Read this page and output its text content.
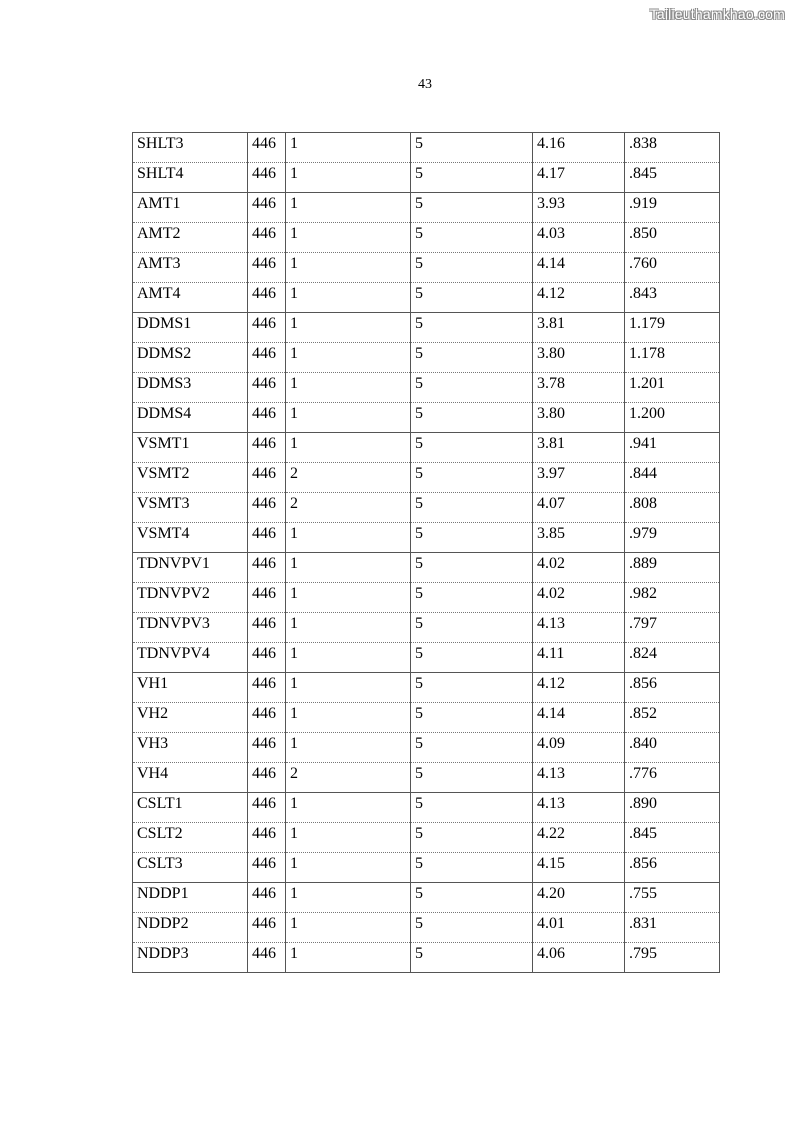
Tailieuthamkhao.com
43
SHLT3	446	1	5	4.16	.838
SHLT4	446	1	5	4.17	.845
AMT1	446	1	5	3.93	.919
AMT2	446	1	5	4.03	.850
AMT3	446	1	5	4.14	.760
AMT4	446	1	5	4.12	.843
DDMS1	446	1	5	3.81	1.179
DDMS2	446	1	5	3.80	1.178
DDMS3	446	1	5	3.78	1.201
DDMS4	446	1	5	3.80	1.200
VSMT1	446	1	5	3.81	.941
VSMT2	446	2	5	3.97	.844
VSMT3	446	2	5	4.07	.808
VSMT4	446	1	5	3.85	.979
TDNVPV1	446	1	5	4.02	.889
TDNVPV2	446	1	5	4.02	.982
TDNVPV3	446	1	5	4.13	.797
TDNVPV4	446	1	5	4.11	.824
VH1	446	1	5	4.12	.856
VH2	446	1	5	4.14	.852
VH3	446	1	5	4.09	.840
VH4	446	2	5	4.13	.776
CSLT1	446	1	5	4.13	.890
CSLT2	446	1	5	4.22	.845
CSLT3	446	1	5	4.15	.856
NDDP1	446	1	5	4.20	.755
NDDP2	446	1	5	4.01	.831
NDDP3	446	1	5	4.06	.795
